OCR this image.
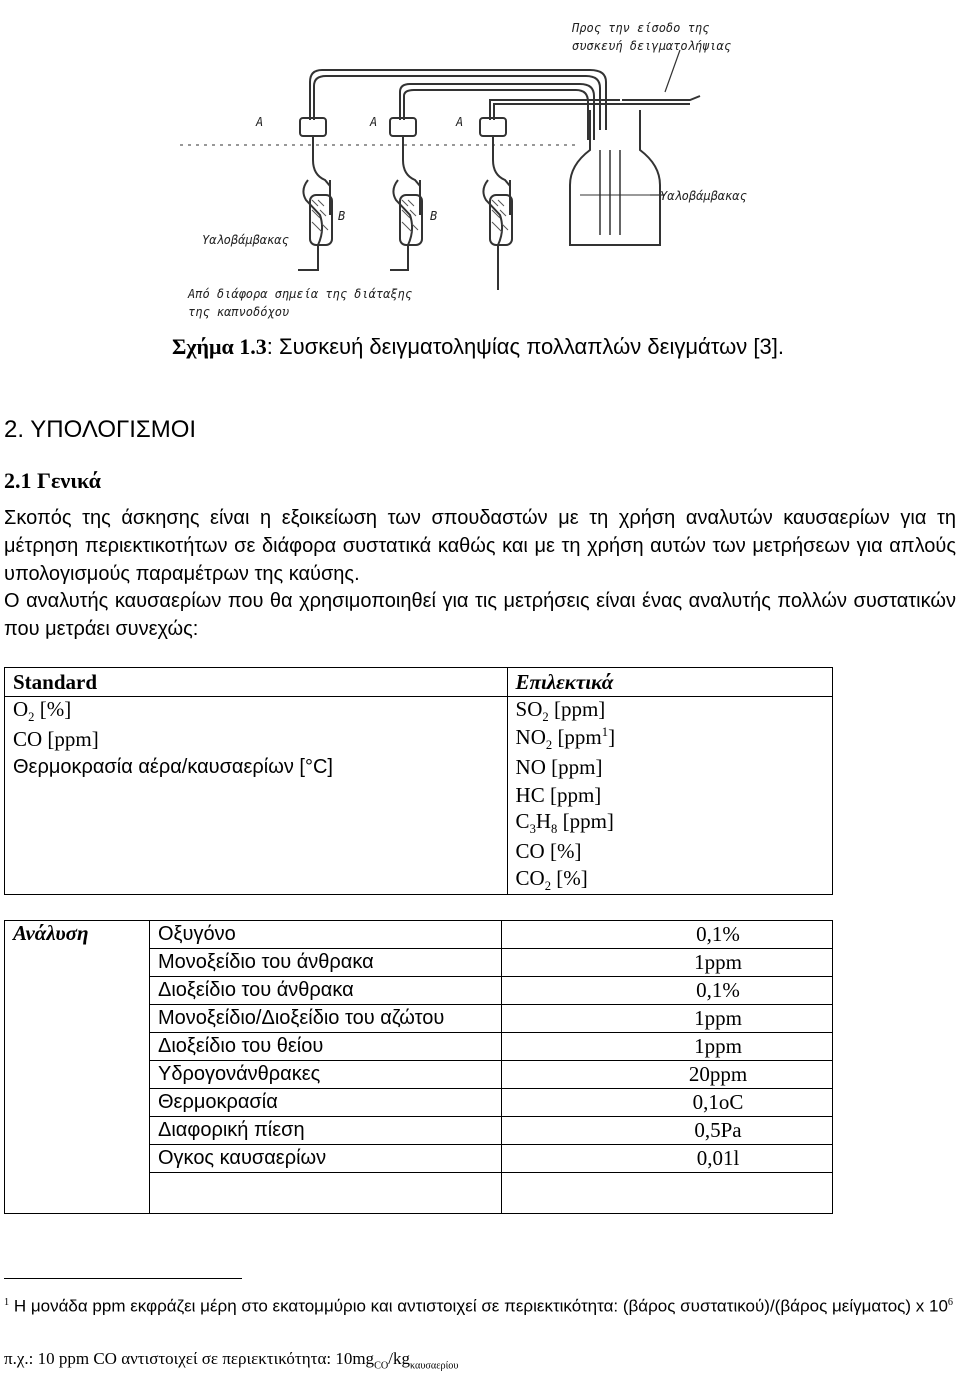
Προς την είσοδο της
συσκευή δειγματολήψιας
Υαλοβάμβακας
Υαλοβάμβακας
Α	Α	Α
Β	Β
Από διάφορα σημεία της διάταξης
της καπνοδόχου
Σχήμα 1.3: Συσκευή δειγματοληψίας πολλαπλών δειγμάτων [3].
2. ΥΠΟΛΟΓΙΣΜΟΙ
2.1 Γενικά
Σκοπός της άσκησης είναι η εξοικείωση των σπουδαστών με τη χρήση αναλυτών καυσαερίων για τη μέτρηση περιεκτικοτήτων σε διάφορα συστατικά καθώς και με τη χρήση αυτών των μετρήσεων για απλούς υπολογισμούς παραμέτρων της καύσης.
Ο αναλυτής καυσαερίων που θα χρησιμοποιηθεί για τις μετρήσεις είναι ένας αναλυτής πολλών συστατικών που μετράει συνεχώς:
Standard	Επιλεκτικά
$O_2$ [%]	$SO_2$ [ppm]
CO [ppm]	$NO_2$ [ppm$^1$]
Θερμοκρασία αέρα/καυσαερίων [°C]	NO [ppm]
	HC [ppm]
	$C_3H_8$ [ppm]
	CO [%]
	$CO_2$ [%]
Ανάλυση	Οξυγόνο	0,1%
	Μονοξείδιο του άνθρακα	1ppm
	Διοξείδιο του άνθρακα	0,1%
	Μονοξείδιο/Διοξείδιο του αζώτου	1ppm
	Διοξείδιο του θείου	1ppm
	Υδρογονάνθρακες	20ppm
	Θερμοκρασία	0,1oC
	Διαφορική πίεση	0,5Pa
	Ογκος καυσαερίων	0,01l

$^1$ Η μονάδα ppm εκφράζει μέρη στο εκατομμύριο και αντιστοιχεί σε περιεκτικότητα: (βάρος συστατικού)/(βάρος μείγματος) x $10^6$
π.χ.: 10 ppm CO αντιστοιχεί σε περιεκτικότητα: $10mg_{CO}/kg_{\kappa\alpha\upsilon\sigma\alpha\varepsilon\rho ίo\upsilon}$
